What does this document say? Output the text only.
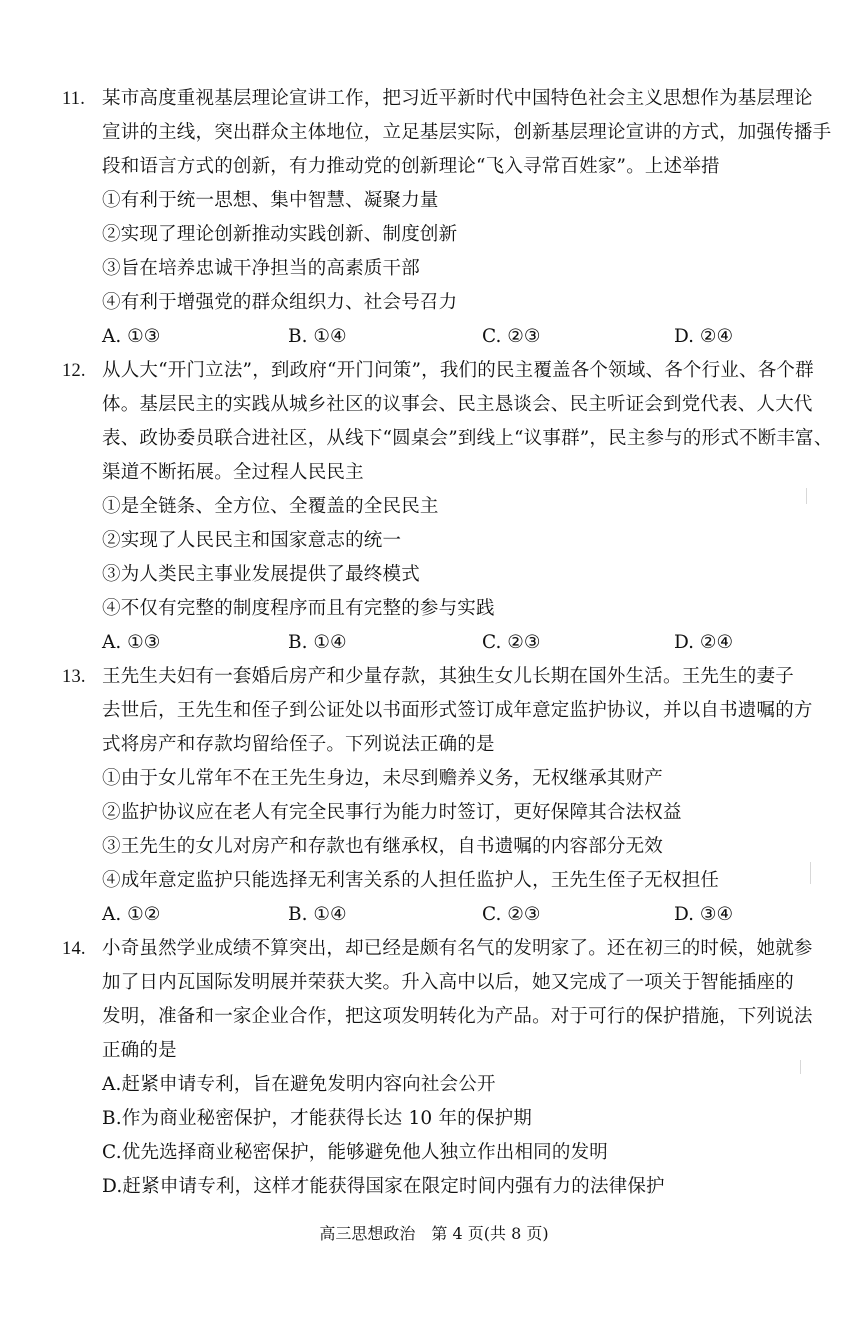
11. 某市高度重视基层理论宣讲工作，把习近平新时代中国特色社会主义思想作为基层理论
宣讲的主线，突出群众主体地位，立足基层实际，创新基层理论宣讲的方式，加强传播手
段和语言方式的创新，有力推动党的创新理论“飞入寻常百姓家”。上述举措
①有利于统一思想、集中智慧、凝聚力量
②实现了理论创新推动实践创新、制度创新
③旨在培养忠诚干净担当的高素质干部
④有利于增强党的群众组织力、社会号召力
A. ①③	B. ①④	C. ②③	D. ②④
12. 从人大“开门立法”，到政府“开门问策”，我们的民主覆盖各个领域、各个行业、各个群
体。基层民主的实践从城乡社区的议事会、民主恳谈会、民主听证会到党代表、人大代
表、政协委员联合进社区，从线下“圆桌会”到线上“议事群”，民主参与的形式不断丰富、
渠道不断拓展。全过程人民民主
①是全链条、全方位、全覆盖的全民民主
②实现了人民民主和国家意志的统一
③为人类民主事业发展提供了最终模式
④不仅有完整的制度程序而且有完整的参与实践
A. ①③	B. ①④	C. ②③	D. ②④
13. 王先生夫妇有一套婚后房产和少量存款，其独生女儿长期在国外生活。王先生的妻子
去世后，王先生和侄子到公证处以书面形式签订成年意定监护协议，并以自书遗嘱的方
式将房产和存款均留给侄子。下列说法正确的是
①由于女儿常年不在王先生身边，未尽到赡养义务，无权继承其财产
②监护协议应在老人有完全民事行为能力时签订，更好保障其合法权益
③王先生的女儿对房产和存款也有继承权，自书遗嘱的内容部分无效
④成年意定监护只能选择无利害关系的人担任监护人，王先生侄子无权担任
A. ①②	B. ①④	C. ②③	D. ③④
14. 小奇虽然学业成绩不算突出，却已经是颇有名气的发明家了。还在初三的时候，她就参
加了日内瓦国际发明展并荣获大奖。升入高中以后，她又完成了一项关于智能插座的
发明，准备和一家企业合作，把这项发明转化为产品。对于可行的保护措施，下列说法
正确的是
A.赶紧申请专利，旨在避免发明内容向社会公开
B.作为商业秘密保护，才能获得长达 10 年的保护期
C.优先选择商业秘密保护，能够避免他人独立作出相同的发明
D.赶紧申请专利，这样才能获得国家在限定时间内强有力的法律保护
高三思想政治　第 4 页(共 8 页)
